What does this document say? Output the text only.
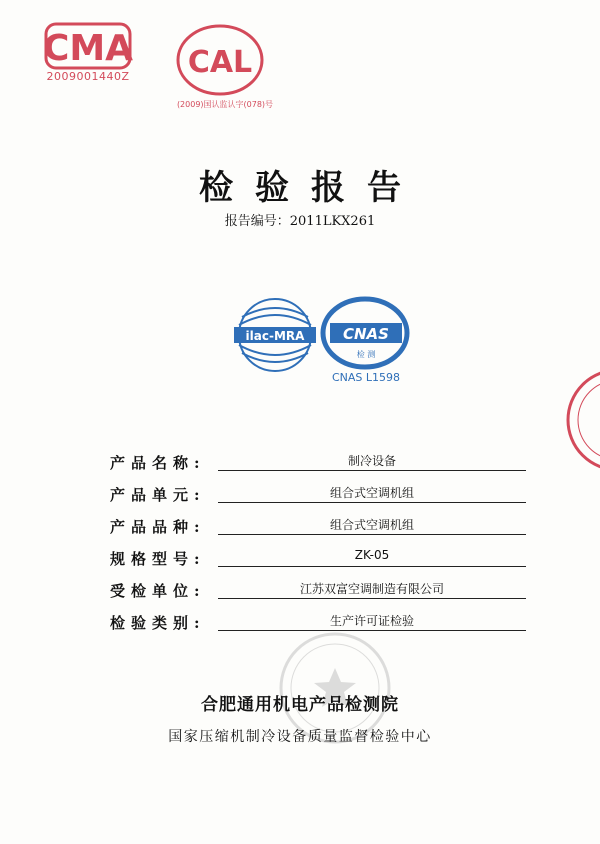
CMA
2009001440Z CAL
(2009)国认监认字(078)号
检验报告
报告编号：2011LKX261
ilac-MRA	CNAS
检 测
CNAS L1598
产品名称:	制冷设备
产品单元:	组合式空调机组
产品品种:	组合式空调机组
规格型号:	ZK-05
受检单位:	江苏双富空调制造有限公司
检验类别:	生产许可证检验
合肥通用机电产品检测院
国家压缩机制冷设备质量监督检验中心
